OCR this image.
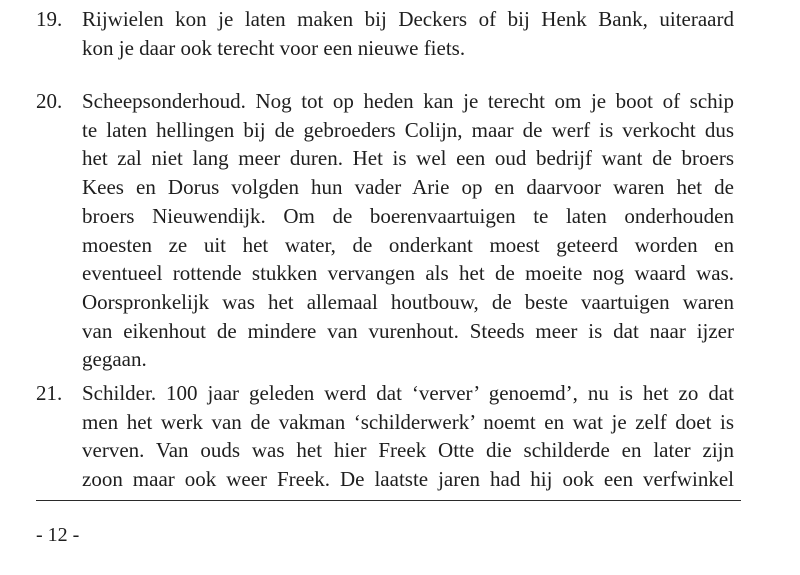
19. Rijwielen kon je laten maken bij Deckers of bij Henk Bank, uiteraard
kon je daar ook terecht voor een nieuwe fiets.
20. Scheepsonderhoud. Nog tot op heden kan je terecht om je boot of schip
te laten hellingen bij de gebroeders Colijn, maar de werf is verkocht dus
het zal niet lang meer duren. Het is wel een oud bedrijf want de broers
Kees en Dorus volgden hun vader Arie op en daarvoor waren het de
broers Nieuwendijk. Om de boerenvaartuigen te laten onderhouden
moesten ze uit het water, de onderkant moest geteerd worden en
eventueel rottende stukken vervangen als het de moeite nog waard was.
Oorspronkelijk was het allemaal houtbouw, de beste vaartuigen waren
van eikenhout de mindere van vurenhout. Steeds meer is dat naar ijzer
gegaan.
21. Schilder. 100 jaar geleden werd dat ‘verver’ genoemd’, nu is het zo dat
men het werk van de vakman ‘schilderwerk’ noemt en wat je zelf doet is
verven. Van ouds was het hier Freek Otte die schilderde en later zijn
zoon maar ook weer Freek. De laatste jaren had hij ook een verfwinkel
- 12 -
